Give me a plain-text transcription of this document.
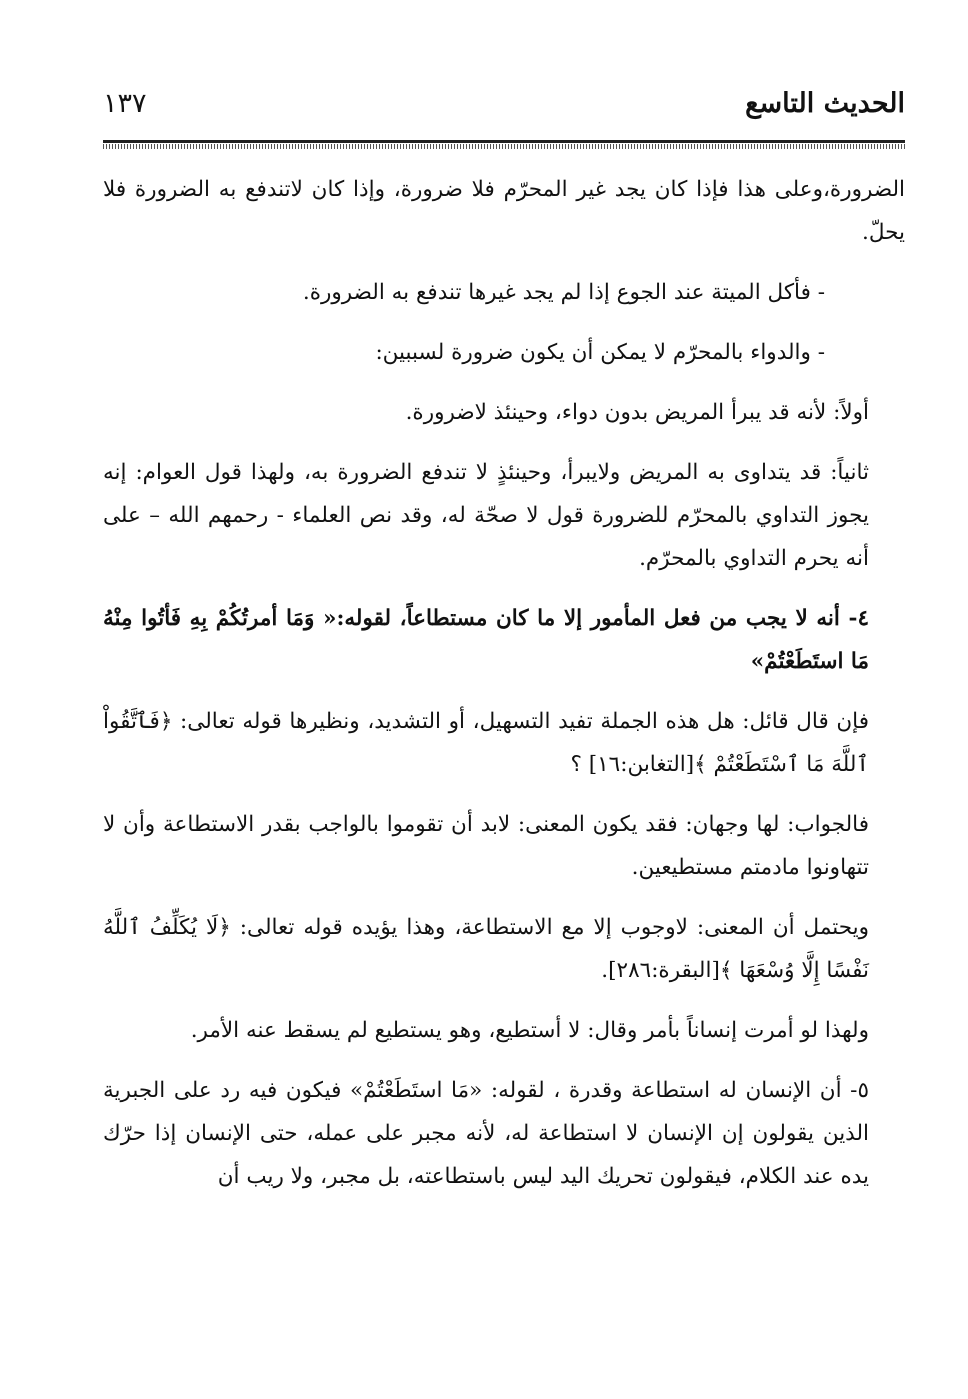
الحديث التاسع
١٣٧

الضرورة،وعلى هذا فإذا كان يجد غير المحرّم فلا ضرورة، وإذا كان لاتندفع به الضرورة فلا يحلّ.

- فأكل الميتة عند الجوع إذا لم يجد غيرها تندفع به الضرورة.

- والدواء بالمحرّم لا يمكن أن يكون ضرورة لسببين:

أولاً: لأنه قد يبرأ المريض بدون دواء، وحينئذ لاضرورة.

ثانياً: قد يتداوى به المريض ولايبرأ، وحينئذٍ لا تندفع الضرورة به، ولهذا قول العوام: إنه يجوز التداوي بالمحرّم للضرورة قول لا صحّة له، وقد نص العلماء - رحمهم الله – على أنه يحرم التداوي بالمحرّم.

٤- أنه لا يجب من فعل المأمور إلا ما كان مستطاعاً، لقوله:« وَمَا أمرتُكُمْ بِهِ فَأتُوا مِنْهُ مَا استَطَعْتُمْ»

فإن قال قائل: هل هذه الجملة تفيد التسهيل، أو التشديد، ونظيرها قوله تعالى: ﴿فَٱتَّقُواْ ٱللَّهَ مَا ٱسْتَطَعْتُمْ ﴾[التغابن:١٦] ؟

فالجواب: لها وجهان: فقد يكون المعنى: لابد أن تقوموا بالواجب بقدر الاستطاعة وأن لا تتهاونوا مادمتم مستطيعين.

ويحتمل أن المعنى: لاوجوب إلا مع الاستطاعة، وهذا يؤيده قوله تعالى: ﴿لَا يُكَلِّفُ ٱللَّهُ نَفْسًا إِلَّا وُسْعَهَا ﴾[البقرة:٢٨٦].

ولهذا لو أمرت إنساناً بأمر وقال: لا أستطيع، وهو يستطيع لم يسقط عنه الأمر.

٥- أن الإنسان له استطاعة وقدرة ، لقوله: «مَا استَطَعْتُمْ» فيكون فيه رد على الجبرية الذين يقولون إن الإنسان لا استطاعة له، لأنه مجبر على عمله، حتى الإنسان إذا حرّك يده عند الكلام، فيقولون تحريك اليد ليس باستطاعته، بل مجبر، ولا ريب أن
